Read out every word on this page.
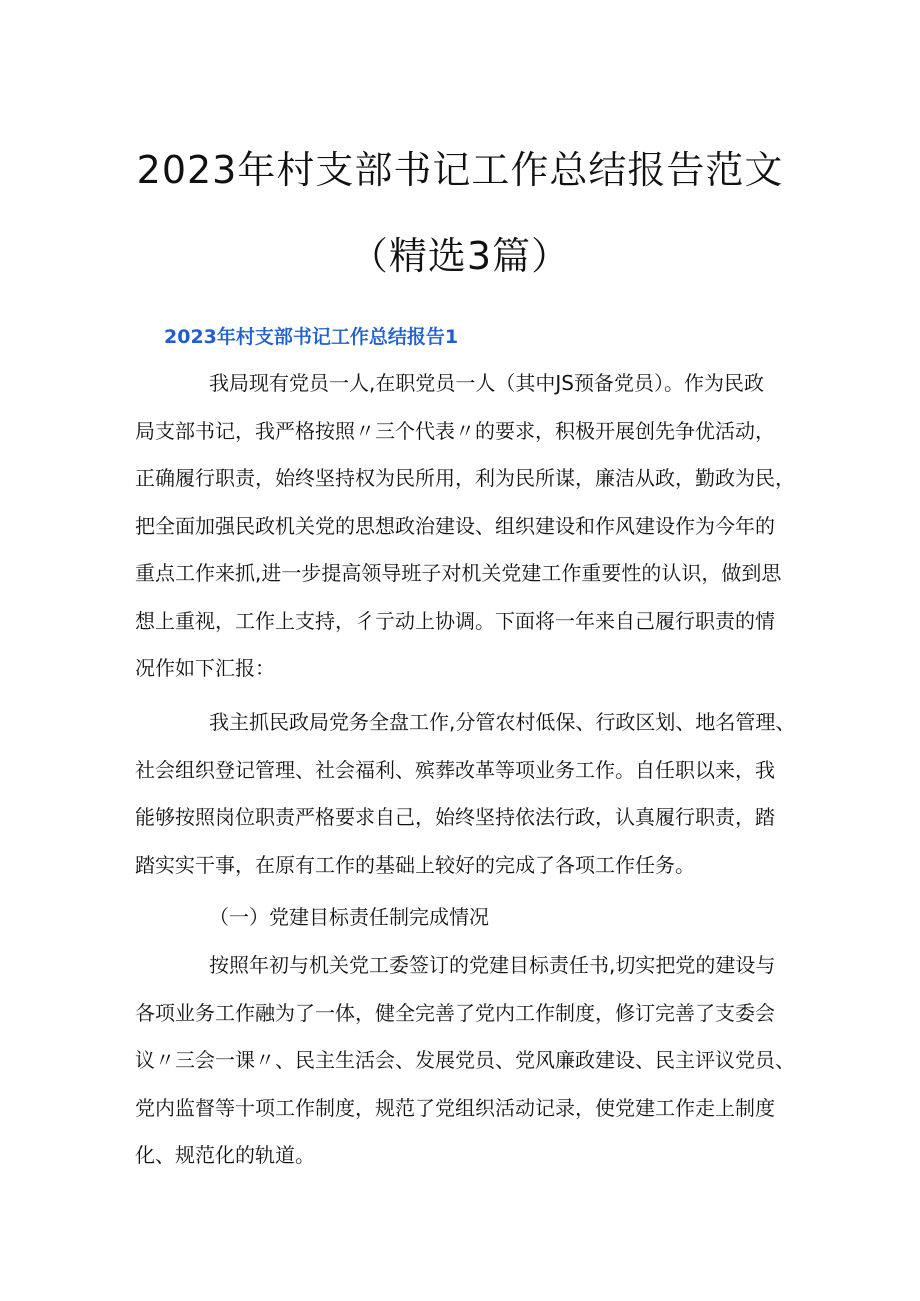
2023年村支部书记工作总结报告范文
（精选3篇）
2023年村支部书记工作总结报告1
我局现有党员一人,在职党员一人（其中JS预备党员）。作为民政
局支部书记，我严格按照〃三个代表〃的要求，积极开展创先争优活动，
正确履行职责，始终坚持权为民所用，利为民所谋，廉洁从政，勤政为民，
把全面加强民政机关党的思想政治建设、组织建设和作风建设作为今年的
重点工作来抓,进一步提高领导班子对机关党建工作重要性的认识，做到思
想上重视，工作上支持，彳亍动上协调。下面将一年来自己履行职责的情
况作如下汇报：
我主抓民政局党务全盘工作,分管农村低保、行政区划、地名管理、
社会组织登记管理、社会福利、殡葬改革等项业务工作。自任职以来，我
能够按照岗位职责严格要求自己，始终坚持依法行政，认真履行职责，踏
踏实实干事，在原有工作的基础上较好的完成了各项工作任务。
（一）党建目标责任制完成情况
按照年初与机关党工委签订的党建目标责任书,切实把党的建设与
各项业务工作融为了一体，健全完善了党内工作制度，修订完善了支委会
议〃三会一课〃、民主生活会、发展党员、党风廉政建设、民主评议党员、
党内监督等十项工作制度，规范了党组织活动记录，使党建工作走上制度
化、规范化的轨道。
